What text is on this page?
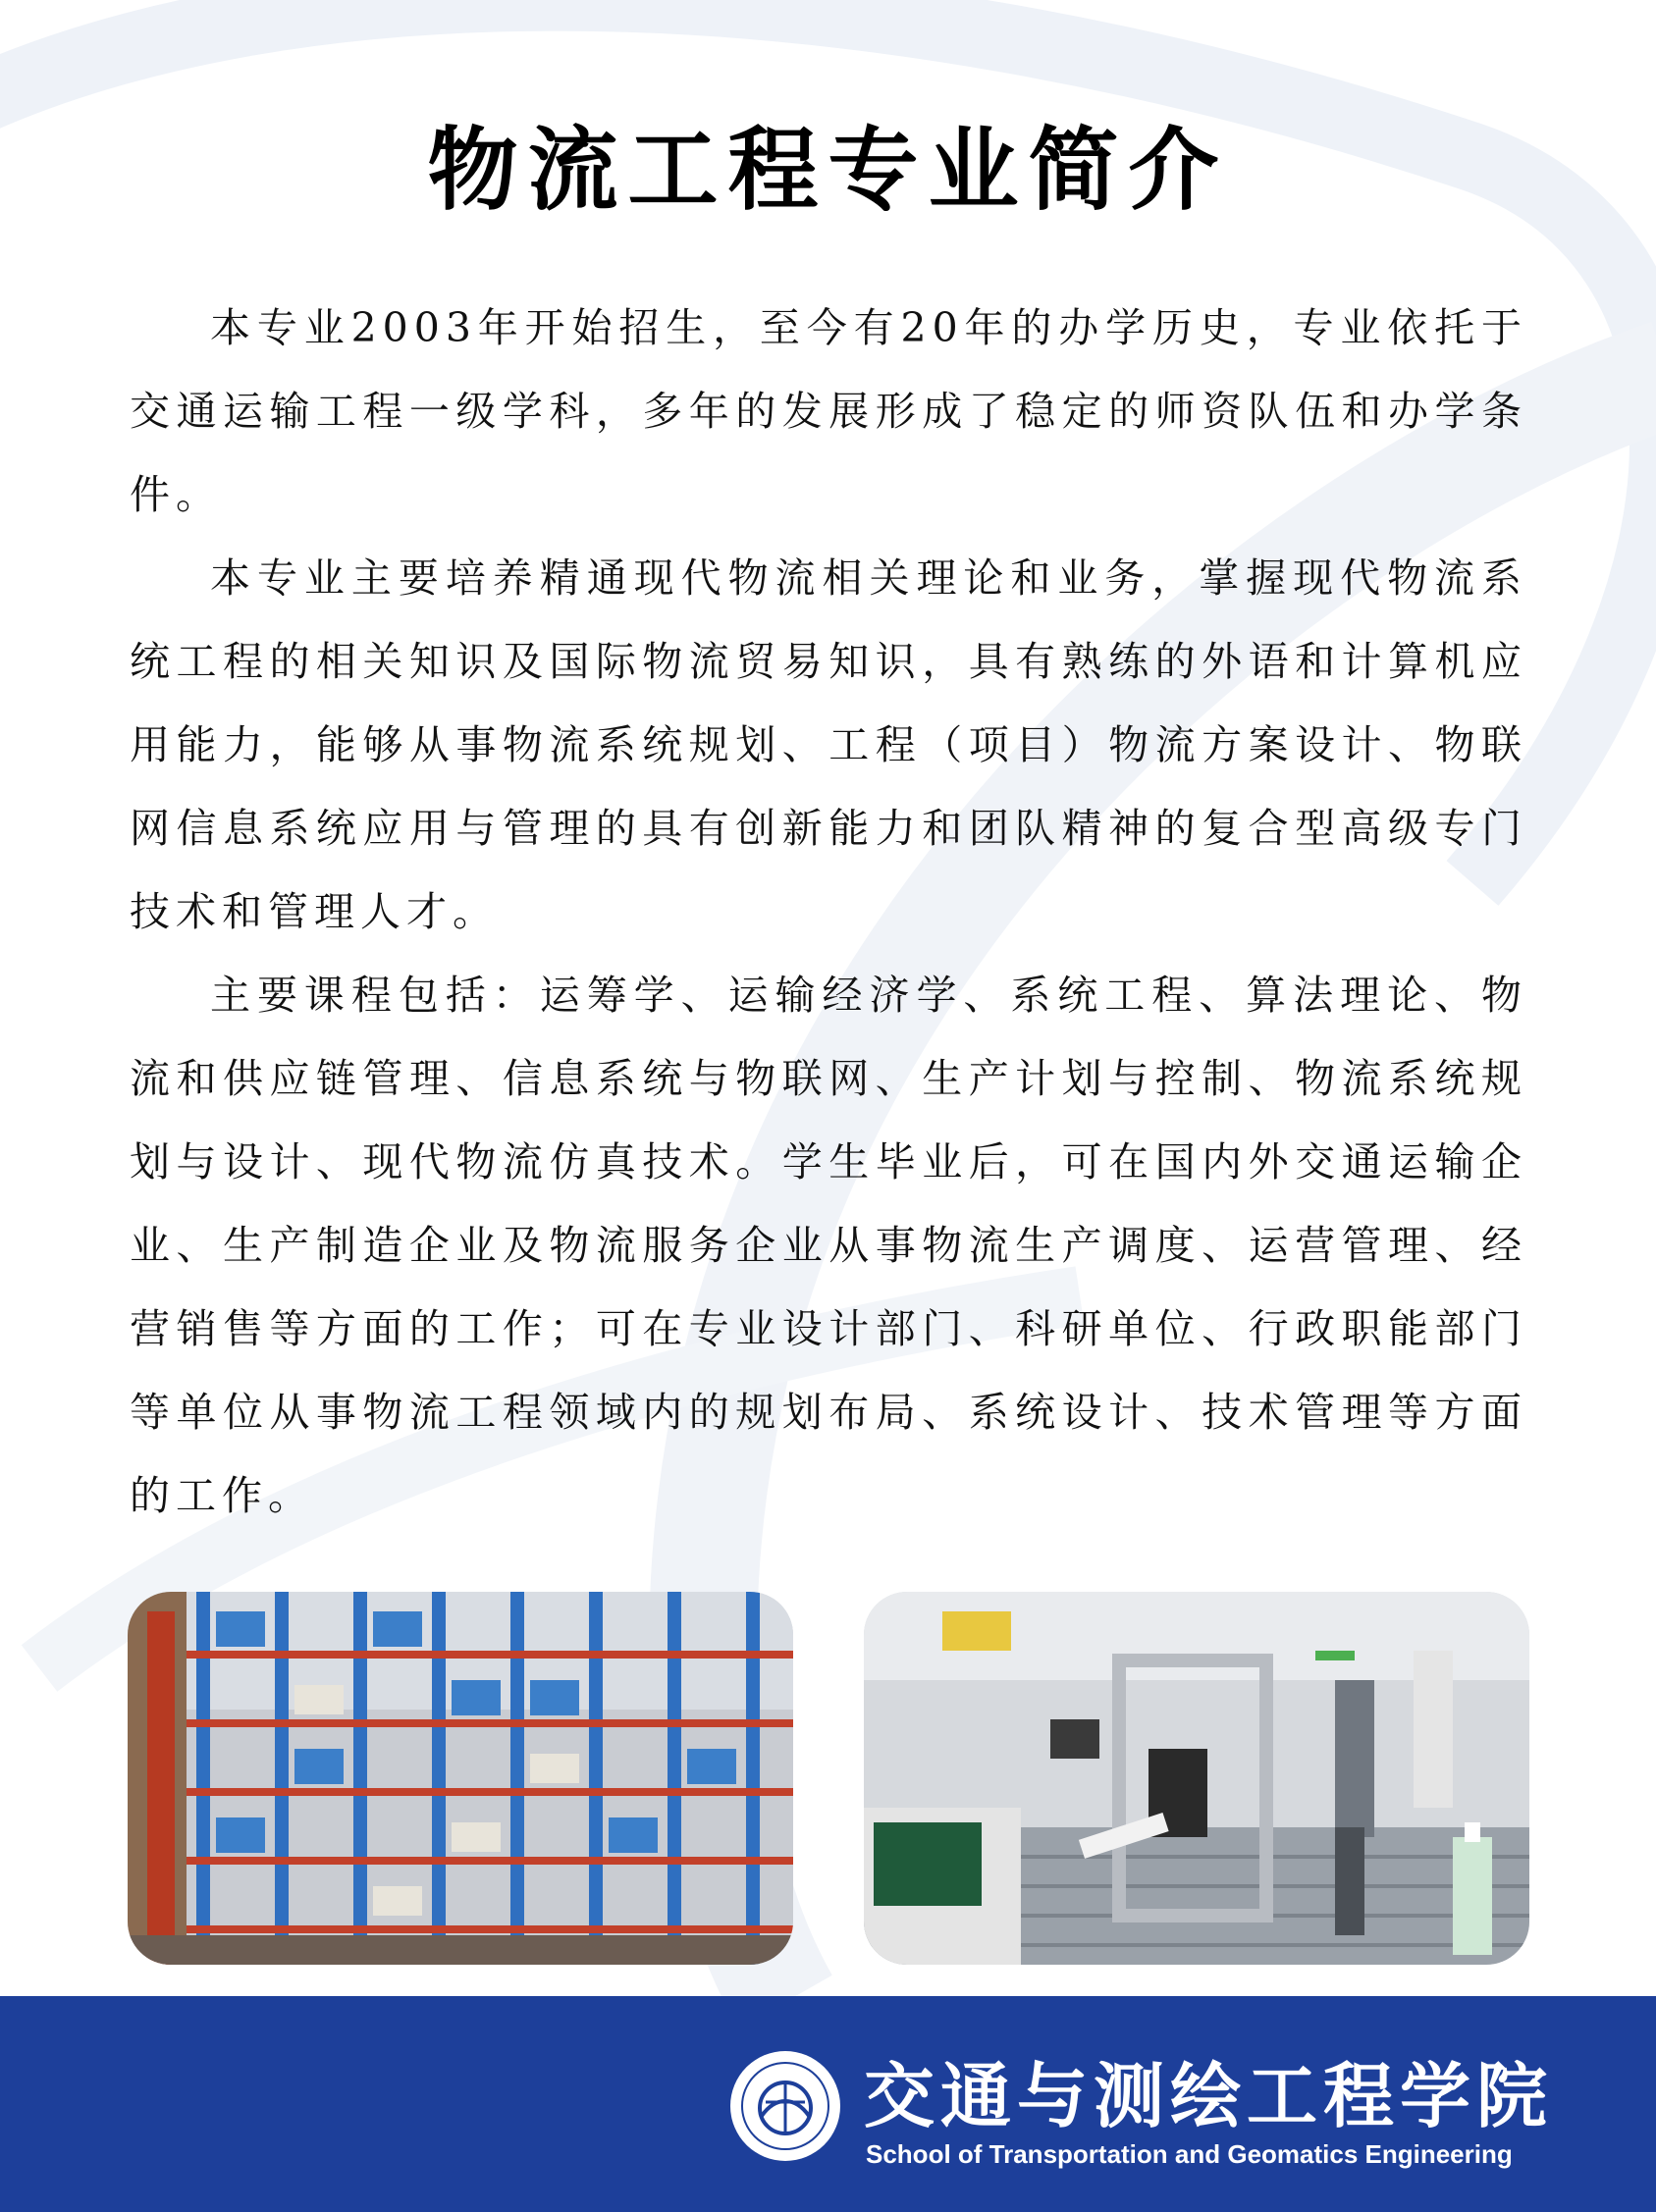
物流工程专业简介

本专业2003年开始招生，至今有20年的办学历史，专业依托于交通运输工程一级学科，多年的发展形成了稳定的师资队伍和办学条件。

本专业主要培养精通现代物流相关理论和业务，掌握现代物流系统工程的相关知识及国际物流贸易知识，具有熟练的外语和计算机应用能力，能够从事物流系统规划、工程（项目）物流方案设计、物联网信息系统应用与管理的具有创新能力和团队精神的复合型高级专门技术和管理人才。

主要课程包括：运筹学、运输经济学、系统工程、算法理论、物流和供应链管理、信息系统与物联网、生产计划与控制、物流系统规划与设计、现代物流仿真技术。学生毕业后，可在国内外交通运输企业、生产制造企业及物流服务企业从事物流生产调度、运营管理、经营销售等方面的工作；可在专业设计部门、科研单位、行政职能部门等单位从事物流工程领域内的规划布局、系统设计、技术管理等方面的工作。

交通与测绘工程学院
School of Transportation and Geomatics Engineering
